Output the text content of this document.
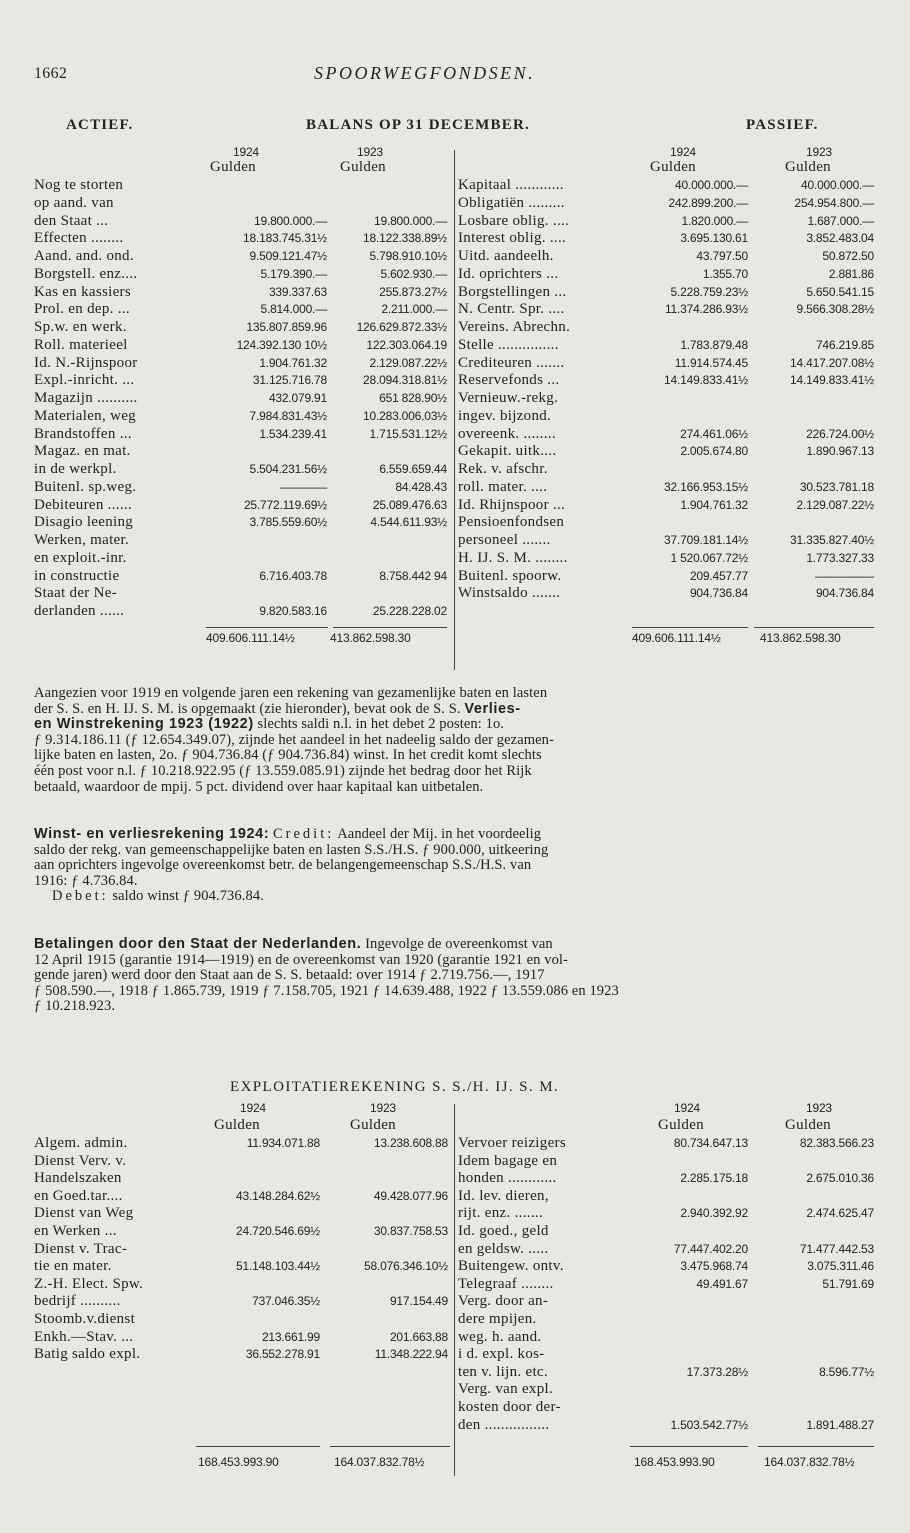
1662	SPOORWEGFONDSEN.
ACTIEF.	BALANS OP 31 DECEMBER.	PASSIEF.
1924	1923
Gulden	Gulden
1924	1923
Gulden	Gulden
Nog te storten
op aand. van
den Staat ...	19.800.000.—	19.800.000.—
Effecten ........	18.183.745.31½	18.122.338.89½
Aand. and. ond.	9.509.121.47½	5.798.910.10½
Borgstell. enz....	5.179.390.—	5.602.930.—
Kas en kassiers	339.337.63	255.873.27½
Prol. en dep. ...	5.814.000.—	2.211.000.—
Sp.w. en werk.	135.807.859.96 126.629.872.33½
Roll. materieel	124.392.130 10½	122.303.064.19
Id. N.-Rijnspoor	1.904.761.32	2.129.087.22½
Expl.-inricht. ...	31.125.716.78	28.094.318.81½
Magazijn ..........	432.079.91	651 828.90½
Materialen, weg	7.984.831.43½	10.283.006.03½
Brandstoffen ...	1.534.239.41	1.715.531.12½
Magaz. en mat.
in de werkpl.	5.504.231.56½	6.559.659.44
Buitenl. sp.weg.	————	84.428.43
Debiteuren ......	25.772.119.69½	25.089.476.63
Disagio leening	3.785.559.60½	4.544.611.93½
Werken, mater.
en exploit.-inr.
in constructie	6.716.403.78	8.758.442 94
Staat der Ne-
derlanden ......	9.820.583.16	25.228.228.02
Kapitaal ............	40.000.000.—	40.000.000.—
Obligatiën .........	242.899.200.—	254.954.800.—
Losbare oblig. ....	1.820.000.—	1.687.000.—
Interest oblig. ....	3.695.130.61	3.852.483.04
Uitd. aandeelh.	43.797.50	50.872.50
Id. oprichters ...	1.355.70	2.881.86
Borgstellingen ...	5.228.759.23½	5.650.541.15
N. Centr. Spr. ....	11.374.286.93½	9.566.308.28½
Vereins. Abrechn.
Stelle ...............	1.783.879.48	746.219.85
Crediteuren .......	11.914.574.45	14.417.207.08½
Reservefonds ...	14.149.833.41½	14.149.833.41½
Vernieuw.-rekg.
ingev. bijzond.
overeenk. ........	274.461.06½	226.724.00½
Gekapit. uitk....	2.005.674.80	1.890.967.13
Rek. v. afschr.
roll. mater. ....	32.166.953.15½	30.523.781.18
Id. Rhijnspoor ...	1.904.761.32	2.129.087.22½
Pensioenfondsen
personeel .......	37.709.181.14½	31.335.827.40½
H. IJ. S. M. ........	1 520.067.72½	1.773.327.33
Buitenl. spoorw.	209.457.77	—————
Winstsaldo .......	904.736.84	904.736.84
409.606.111.14½	413.862.598.30	409.606.111.14½	413.862.598.30
Aangezien voor 1919 en volgende jaren een rekening van gezamenlijke baten en lasten
der S. S. en H. IJ. S. M. is opgemaakt (zie hieronder), bevat ook de S. S. Verlies-
en Winstrekening 1923 (1922) slechts saldi n.l. in het debet 2 posten: 1o.
ƒ 9.314.186.11 (ƒ 12.654.349.07), zijnde het aandeel in het nadeelig saldo der gezamen-
lijke baten en lasten, 2o. ƒ 904.736.84 (ƒ 904.736.84) winst. In het credit komt slechts
één post voor n.l. ƒ 10.218.922.95 (ƒ 13.559.085.91) zijnde het bedrag door het Rijk
betaald, waardoor de mpij. 5 pct. dividend over haar kapitaal kan uitbetalen.
Winst- en verliesrekening 1924: Credit: Aandeel der Mij. in het voordeelig
saldo der rekg. van gemeenschappelijke baten en lasten S.S./H.S. ƒ 900.000, uitkeering
aan oprichters ingevolge overeenkomst betr. de belangengemeenschap S.S./H.S. van
1916: ƒ 4.736.84.
Debet: saldo winst ƒ 904.736.84.
Betalingen door den Staat der Nederlanden. Ingevolge de overeenkomst van
12 April 1915 (garantie 1914—1919) en de overeenkomst van 1920 (garantie 1921 en vol-
gende jaren) werd door den Staat aan de S. S. betaald: over 1914 ƒ 2.719.756.—, 1917
ƒ 508.590.—, 1918 ƒ 1.865.739, 1919 ƒ 7.158.705, 1921 ƒ 14.639.488, 1922 ƒ 13.559.086 en 1923
ƒ 10.218.923.
EXPLOITATIEREKENING S. S./H. IJ. S. M.
1924	1923
Gulden	Gulden
1924	1923
Gulden	Gulden
Algem. admin.	11.934.071.88	13.238.608.88
Dienst Verv. v.
Handelszaken
en Goed.tar....	43.148.284.62½	49.428.077.96
Dienst van Weg
en Werken ...	24.720.546.69½	30.837.758.53
Dienst v. Trac-
tie en mater.	51.148.103.44½	58.076.346.10½
Z.-H. Elect. Spw.
bedrijf ..........	737.046.35½	917.154.49
Stoomb.v.dienst
Enkh.—Stav. ...	213.661.99	201.663.88
Batig saldo expl.	36.552.278.91	11.348.222.94
Vervoer reizigers	80.734.647.13	82.383.566.23
Idem bagage en
honden ............	2.285.175.18	2.675.010.36
Id. lev. dieren,
rijt. enz. .......	2.940.392.92	2.474.625.47
Id. goed., geld
en geldsw. .....	77.447.402.20	71.477.442.53
Buitengew. ontv.	3.475.968.74	3.075.311.46
Telegraaf ........	49.491.67	51.791.69
Verg. door an-
dere mpijen.
weg. h. aand.
i d. expl. kos-
ten v. lijn. etc.	17.373.28½	8.596.77½
Verg. van expl.
kosten door der-
den ................	1.503.542.77½	1.891.488.27
168.453.993.90	164.037.832.78½	168.453.993.90	164.037.832.78½
